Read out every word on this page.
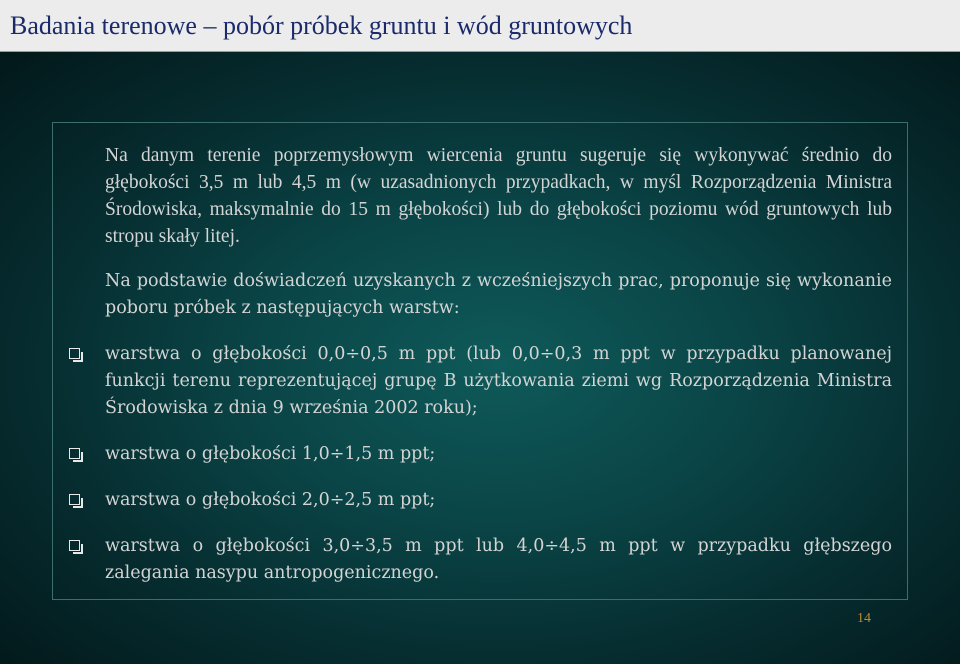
Badania terenowe – pobór próbek gruntu i wód gruntowych

Na danym terenie poprzemysłowym wiercenia gruntu sugeruje się wykonywać średnio do głębokości 3,5 m lub 4,5 m (w uzasadnionych przypadkach, w myśl Rozporządzenia Ministra Środowiska, maksymalnie do 15 m głębokości) lub do głębokości poziomu wód gruntowych lub stropu skały litej.

Na podstawie doświadczeń uzyskanych z wcześniejszych prac, proponuje się wykonanie poboru próbek z następujących warstw:

warstwa o głębokości 0,0÷0,5 m ppt (lub 0,0÷0,3 m ppt w przypadku planowanej funkcji terenu reprezentującej grupę B użytkowania ziemi wg Rozporządzenia Ministra Środowiska z dnia 9 września 2002 roku);

warstwa o głębokości 1,0÷1,5 m ppt;

warstwa o głębokości 2,0÷2,5 m ppt;

warstwa o głębokości 3,0÷3,5 m ppt lub 4,0÷4,5 m ppt w przypadku głębszego zalegania nasypu antropogenicznego.

14
